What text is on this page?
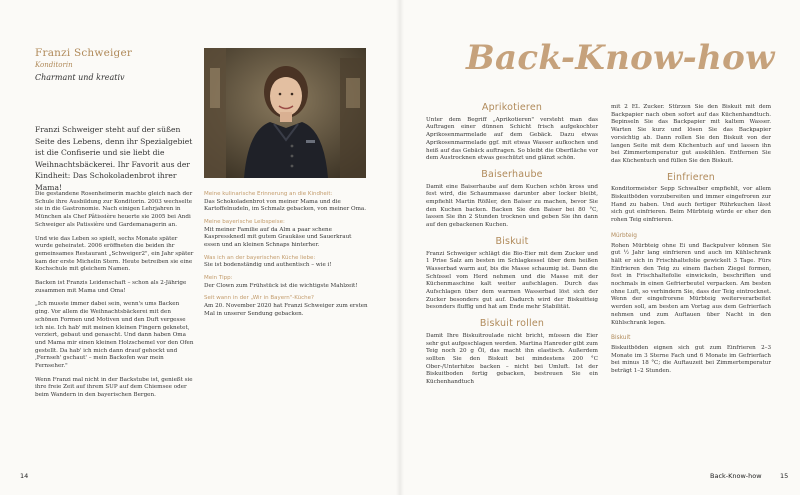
Franzi Schweiger
Konditorin
Charmant und kreativ
Franzi Schweiger steht auf der süßen Seite des Lebens, denn ihr Spezialgebiet ist die Confiserie und sie liebt die Weihnachtsbäckerei. Ihr Favorit aus der Kindheit: Das Schokoladenbrot ihrer Mama!

Die gestandene Rosenheimerin machte gleich nach der Schule ihre Ausbildung zur Konditorin. 2003 wechselte sie in die Gastronomie. Nach einigen Lehrjahren in München als Chef Pâtissière heuerte sie 2005 bei Andi Schweiger als Patissière und Gardemanagerin an.

Und wie das Leben so spielt, sechs Monate später wurde geheiratet. 2006 eröffneten die beiden ihr gemeinsames Restaurant „Schweiger2", ein Jahr später kam der erste Michelin Stern. Heute betreiben sie eine Kochschule mit gleichem Namen.

Backen ist Franzis Leidenschaft – schon als 2-Jährige zusammen mit Mama und Oma!

„Ich musste immer dabei sein, wenn's ums Backen ging. Vor allem die Weihnachtsbäckerei mit den schönen Formen und Motiven und den Duft vergesse ich nie. Ich hab' mit meinen kleinen Fingern geknetet, verziert, gebaut und genascht. Und dann haben Oma und Mama mir einen kleinen Holzschemel vor den Ofen gestellt. Da hab' ich mich dann drauf gehockt und ‚Fernseh' gschaut' – mein Backofen war mein Fernseher."

Wenn Franzi mal nicht in der Backstube ist, genießt sie ihre freie Zeit auf ihrem SUP auf dem Chiemsee oder beim Wandern in den bayerischen Bergen.

Meine kulinarische Erinnerung an die Kindheit:
Das Schokoladenbrot von meiner Mama und die Kartoffelnudeln, im Schmalz gebacken, von meiner Oma.
Meine bayerische Leibspeise:
Mit meiner Familie auf da Alm a paar schene Kaspressknedl mit gutem Graukäse und Sauerkraut essen und an kleinen Schnaps hinterher.
Was ich an der bayerischen Küche liebe:
Sie ist bodenständig und authentisch – wie i!
Mein Tipp:
Der Clown zum Frühstück ist die wichtigste Mahlzeit!
Seit wann in der „Wir in Bayern"-Küche?
Am 20. November 2020 hat Franzi Schweiger zum ersten Mal in unserer Sendung gebacken.
14
Back-Know-how
Aprikotieren

Unter dem Begriff „Aprikotieren" versteht man das Auftragen einer dünnen Schicht frisch aufgekochter Aprikosenmarmelade auf dem Gebäck. Dazu etwas Aprikosenmarmelade ggf. mit etwas Wasser aufkochen und heiß auf das Gebäck auftragen. So bleibt die Oberfläche vor dem Austrocknen etwas geschützt und glänzt schön.

Baiserhaube

Damit eine Baiserhaube auf dem Kuchen schön kross und fest wird, die Schaummasse darunter aber locker bleibt, empfiehlt Martin Rößler, den Baiser zu machen, bevor Sie den Kuchen backen. Backen Sie den Baiser bei 80 °C, lassen Sie ihn 2 Stunden trocknen und geben Sie ihn dann auf den gebackenen Kuchen.

Biskuit

Franzi Schweiger schlägt die Bio-Eier mit dem Zucker und 1 Prise Salz am besten im Schlagkessel über dem heißen Wasserbad warm auf, bis die Masse schaumig ist. Dann die Schüssel vom Herd nehmen und die Masse mit der Küchenmaschine kalt weiter aufschlagen. Durch das Aufschlagen über dem warmen Wasserbad löst sich der Zucker besonders gut auf. Dadurch wird der Biskuitteig besonders fluffig und hat am Ende mehr Stabilität.

Biskuit rollen

Damit Ihre Biskuitroulade nicht bricht, müssen die Eier sehr gut aufgeschlagen werden. Martina Hanreder gibt zum Teig noch 20 g Öl, das macht ihn elastisch. Außerdem sollten Sie den Biskuit bei mindestens 200 °C Ober-/Unterhitze backen – nicht bei Umluft. Ist der Biskuitboden fertig gebacken, bestreuen Sie ein Küchenhandtuch

mit 2 EL Zucker. Stürzen Sie den Biskuit mit dem Backpapier nach oben sofort auf das Küchenhandtuch. Bepinseln Sie das Backpapier mit kaltem Wasser. Warten Sie kurz und lösen Sie das Backpapier vorsichtig ab. Dann rollen Sie den Biskuit von der langen Seite mit dem Küchentuch auf und lassen ihn bei Zimmertemperatur gut auskühlen. Entfernen Sie das Küchentuch und füllen Sie den Biskuit.

Einfrieren

Konditormeister Sepp Schwalber empfiehlt, vor allem Biskuitböden vorzubereiten und immer eingefroren zur Hand zu haben. Und auch fertiger Rührkuchen lässt sich gut einfrieren. Beim Mürbteig würde er eher den rohen Teig einfrieren.

Mürbteig

Rohen Mürbteig ohne Ei und Backpulver können Sie gut ½ Jahr lang einfrieren und auch im Kühlschrank hält er sich in Frischhaltefolie gewickelt 3 Tage. Fürs Einfrieren den Teig zu einem flachen Ziegel formen, fest in Frischhaltefolie einwickeln, beschriften und nochmals in einen Gefrierbeutel verpacken. Am besten ohne Luft, so verhindern Sie, dass der Teig eintrocknet. Wenn der eingefrorene Mürbteig weiterverarbeitet werden soll, am besten am Vortag aus dem Gefrierfach nehmen und zum Auftauen über Nacht in den Kühlschrank legen.

Biskuit

Biskuitböden eignen sich gut zum Einfrieren 2–3 Monate im 3 Sterne Fach und 6 Monate im Gefrierfach bei minus 18 °C; die Auftauzeit bei Zimmertemperatur beträgt 1–2 Stunden.

Back-Know-how	15
